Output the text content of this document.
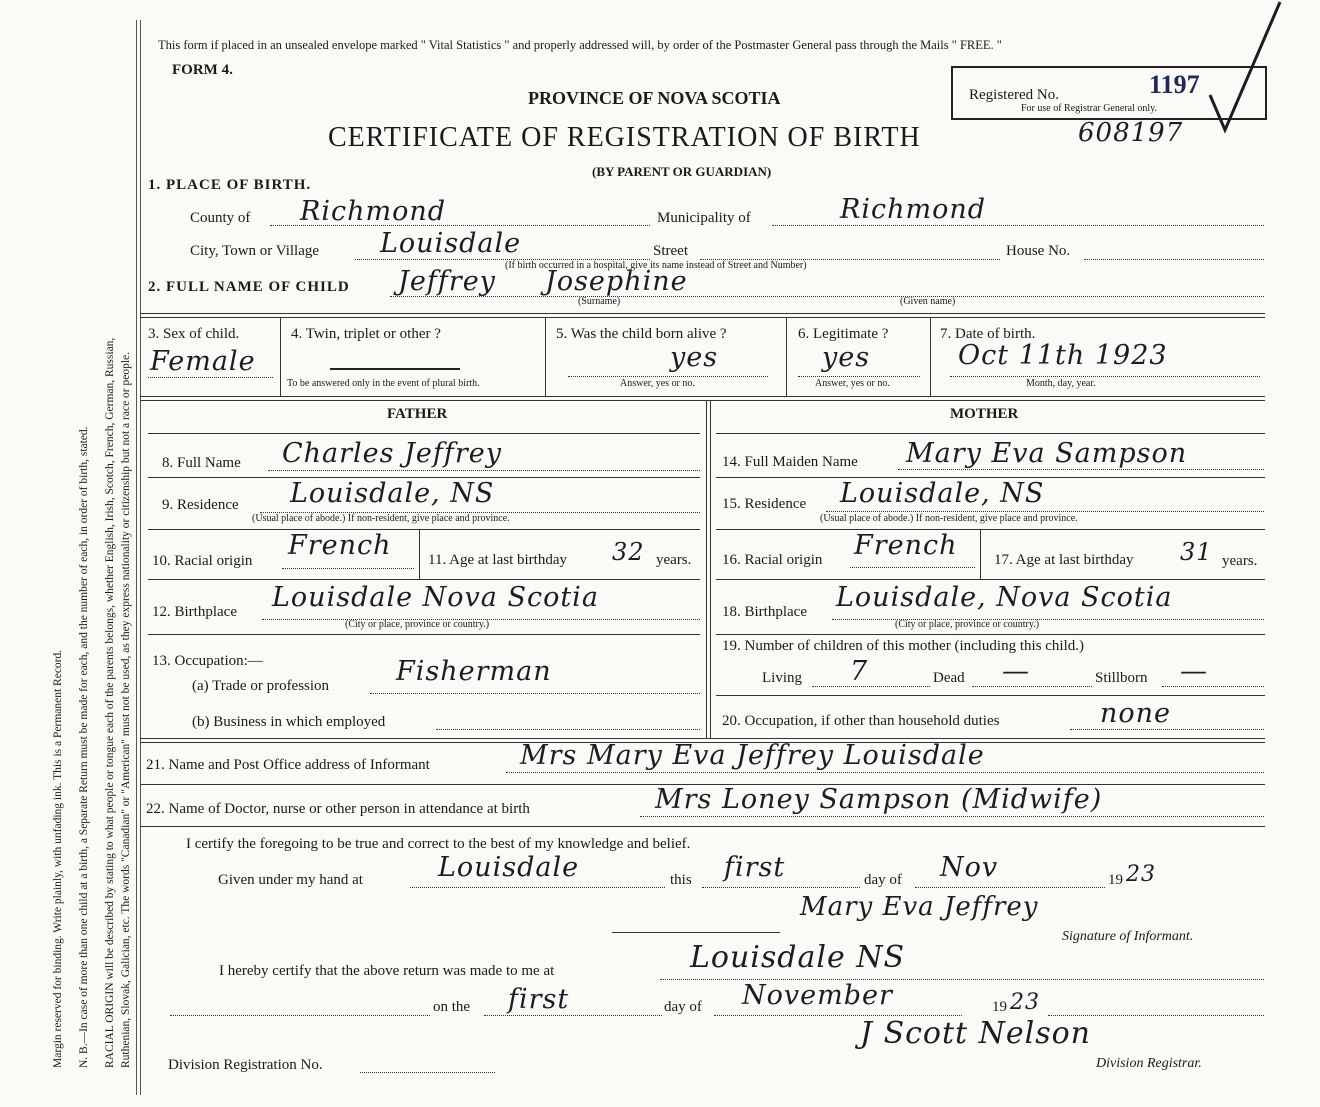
Margin reserved for binding. Write plainly, with unfading ink. This is a Permanent Record. N. B.—In case of more than one child at a birth, a Separate Return must be made for each, and the number of each, in order of birth, stated. RACIAL ORIGIN will be described by stating to what people or tongue each of the parents belongs, whether English, Irish, Scotch, French, German, Russian, Ruthenian, Slovak, Galician, etc. The words "Canadian" or "American" must not be used, as they express nationality or citizenship but not a race or people.
This form if placed in an unsealed envelope marked " Vital Statistics " and properly addressed will, by order of the Postmaster General pass through the Mails " FREE. "
FORM 4.
PROVINCE OF NOVA SCOTIA
CERTIFICATE OF REGISTRATION OF BIRTH
(BY PARENT OR GUARDIAN)
608197
Registered No.	1197
For use of Registrar General only.
1. PLACE OF BIRTH.
County of Richmond	Municipality of	Richmond
City, Town or Village Louisdale	Street	House No.
(If birth occurred in a hospital, give its name instead of Street and Number)
2. FULL NAME OF CHILD Jeffrey Josephine
(Surname)	(Given name)
3. Sex of child.
Female
4. Twin, triplet or other ?
To be answered only in the event of plural birth.
5. Was the child born alive ?
yes
Answer, yes or no.
6. Legitimate ?
yes
Answer, yes or no.
7. Date of birth.
Oct 11th 1923
Month, day, year.
FATHER
8. Full Name Charles Jeffrey
9. Residence Louisdale, NS
(Usual place of abode.) If non-resident, give place and province.
10. Racial origin French 11. Age at last birthday 32 years.
12. Birthplace Louisdale Nova Scotia
(City or place, province or country.)
13. Occupation:—
(a) Trade or profession Fisherman
(b) Business in which employed
MOTHER
14. Full Maiden Name Mary Eva Sampson
15. Residence Louisdale, NS
(Usual place of abode.) If non-resident, give place and province.
16. Racial origin French 17. Age at last birthday 31 years.
18. Birthplace Louisdale, Nova Scotia
(City or place, province or country.)
19. Number of children of this mother (including this child.)
Living 7	Dead —	Stillborn —
20. Occupation, if other than household duties	none
21. Name and Post Office address of Informant	Mrs Mary Eva Jeffrey Louisdale
22. Name of Doctor, nurse or other person in attendance at birth	Mrs Loney Sampson (Midwife)
I certify the foregoing to be true and correct to the best of my knowledge and belief.
Given under my hand at	Louisdale	this first	day of Nov	19 23
Mary Eva Jeffrey
Signature of Informant.
I hereby certify that the above return was made to me at	Louisdale NS
on the first	day of November	19 23
J Scott Nelson
Division Registrar.
Division Registration No.
